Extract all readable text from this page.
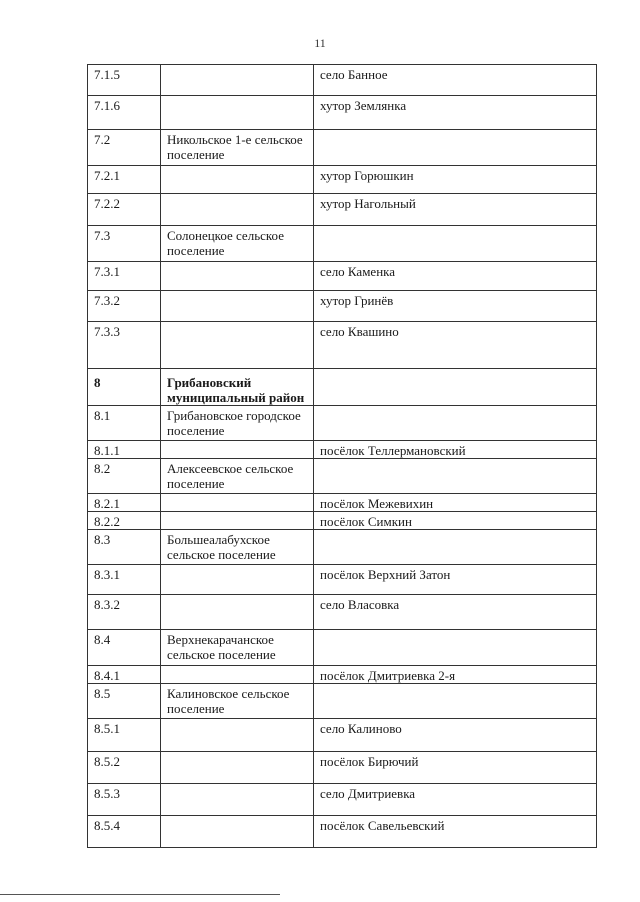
11
7.1.5		село Банное
7.1.6		хутор Землянка
7.2	Никольское 1-е сельское поселение	
7.2.1		хутор Горюшкин
7.2.2		хутор Нагольный
7.3	Солонецкое сельское поселение	
7.3.1		село Каменка
7.3.2		хутор Гринёв
7.3.3		село Квашино
8	Грибановский муниципальный район	
8.1	Грибановское городское поселение	
8.1.1		посёлок Теллермановский
8.2	Алексеевское сельское поселение	
8.2.1		посёлок Межевихин
8.2.2		посёлок Симкин
8.3	Большеалабухское сельское поселение	
8.3.1		посёлок Верхний Затон
8.3.2		село Власовка
8.4	Верхнекарачанское сельское поселение	
8.4.1		посёлок Дмитриевка 2-я
8.5	Калиновское сельское поселение	
8.5.1		село Калиново
8.5.2		посёлок Бирючий
8.5.3		село Дмитриевка
8.5.4		посёлок Савельевский
